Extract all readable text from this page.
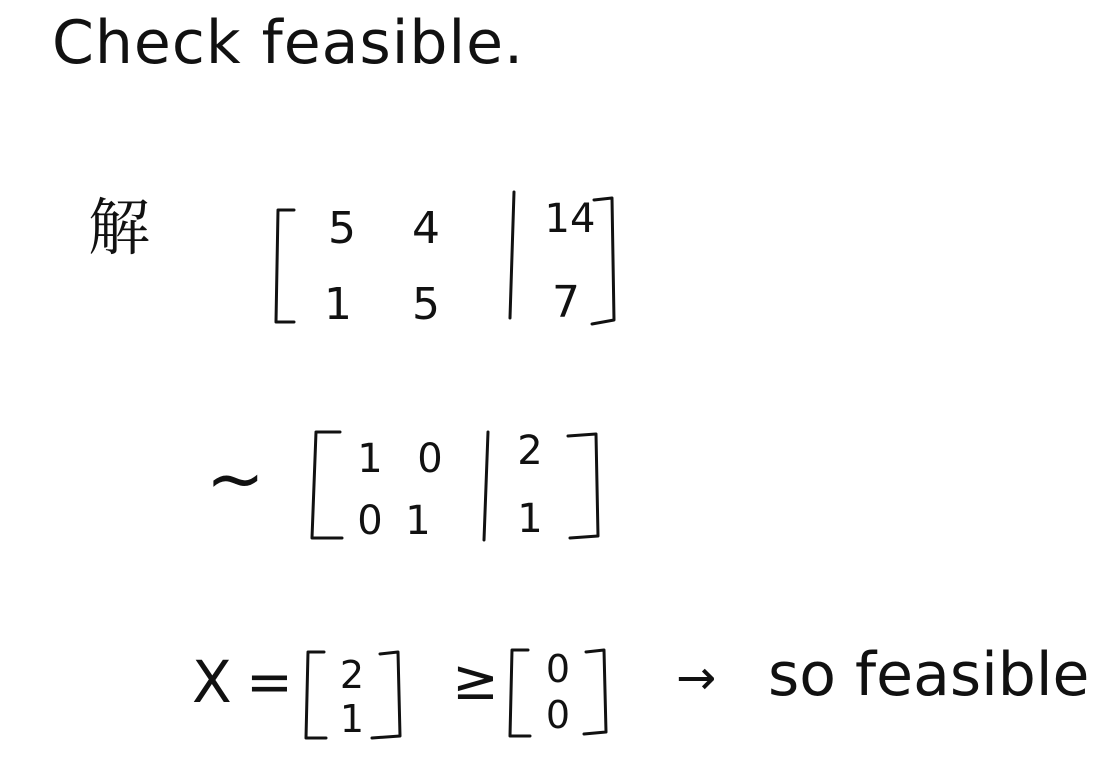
Check feasible.
解	5 4
1 5
14
7
~ 1 0
0 1
2
1
X = 2
1
≥ 0
0
→ so feasible
